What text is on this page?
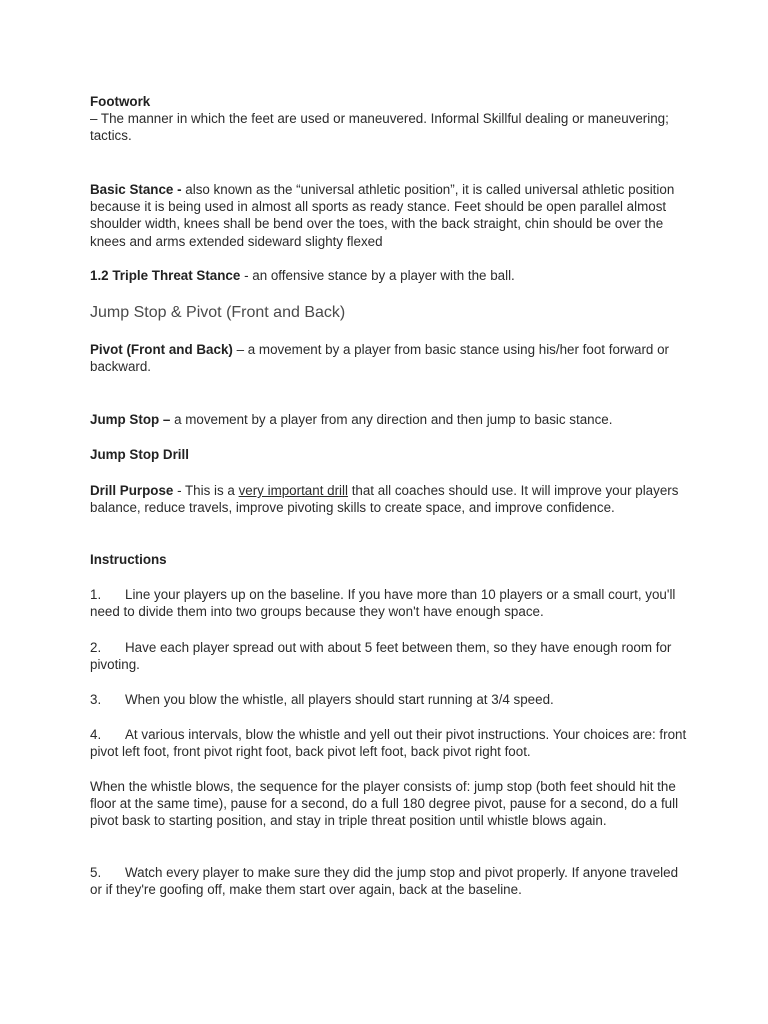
Footwork

– The manner in which the feet are used or maneuvered. Informal Skillful dealing or maneuvering; tactics.

Basic Stance - also known as the “universal athletic position”, it is called universal athletic position because it is being used in almost all sports as ready stance. Feet should be open parallel almost shoulder width, knees shall be bend over the toes, with the back straight, chin should be over the knees and arms extended sideward slighty flexed

1.2 Triple Threat Stance - an offensive stance by a player with the ball.

Jump Stop & Pivot (Front and Back)

Pivot (Front and Back) – a movement by a player from basic stance using his/her foot forward or backward.

Jump Stop – a movement by a player from any direction and then jump to basic stance.

Jump Stop Drill

Drill Purpose - This is a very important drill that all coaches should use. It will improve your players balance, reduce travels, improve pivoting skills to create space, and improve confidence.

Instructions

1. Line your players up on the baseline. If you have more than 10 players or a small court, you'll need to divide them into two groups because they won't have enough space.

2. Have each player spread out with about 5 feet between them, so they have enough room for pivoting.

3. When you blow the whistle, all players should start running at 3/4 speed.

4. At various intervals, blow the whistle and yell out their pivot instructions. Your choices are: front pivot left foot, front pivot right foot, back pivot left foot, back pivot right foot.

When the whistle blows, the sequence for the player consists of: jump stop (both feet should hit the floor at the same time), pause for a second, do a full 180 degree pivot, pause for a second, do a full pivot bask to starting position, and stay in triple threat position until whistle blows again.

5. Watch every player to make sure they did the jump stop and pivot properly. If anyone traveled or if they're goofing off, make them start over again, back at the baseline.
